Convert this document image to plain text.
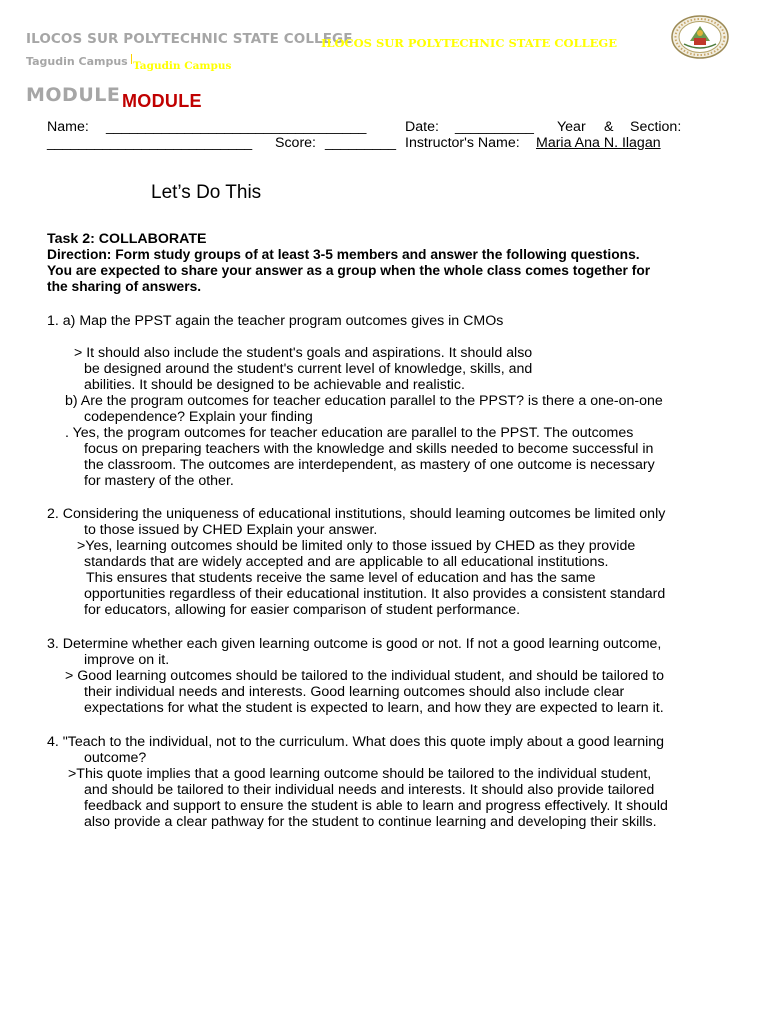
ILOCOS SUR POLYTECHNIC STATE COLLEGE
ILOCOS SUR POLYTECHNIC STATE COLLEGE
Tagudin Campus Tagudin Campus
MODULE MODULE
Name: _________________________________	Date: __________ Year & Section:
__________________________ Score: _________ Instructor's Name: Maria Ana N. Ilagan
Let’s Do This
Task 2: COLLABORATE
Direction: Form study groups of at least 3-5 members and answer the following questions.
You are expected to share your answer as a group when the whole class comes together for
the sharing of answers.
1. a) Map the PPST again the teacher program outcomes gives in CMOs
> It should also include the student's goals and aspirations. It should also
be designed around the student's current level of knowledge, skills, and
abilities. It should be designed to be achievable and realistic.
b) Are the program outcomes for teacher education parallel to the PPST? is there a one-on-one
codependence? Explain your finding
. Yes, the program outcomes for teacher education are parallel to the PPST. The outcomes
focus on preparing teachers with the knowledge and skills needed to become successful in
the classroom. The outcomes are interdependent, as mastery of one outcome is necessary
for mastery of the other.
2. Considering the uniqueness of educational institutions, should leaming outcomes be limited only
to those issued by CHED Explain your answer.
>Yes, learning outcomes should be limited only to those issued by CHED as they provide
standards that are widely accepted and are applicable to all educational institutions.
This ensures that students receive the same level of education and has the same
opportunities regardless of their educational institution. It also provides a consistent standard
for educators, allowing for easier comparison of student performance.
3. Determine whether each given learning outcome is good or not. If not a good learning outcome,
improve on it.
> Good learning outcomes should be tailored to the individual student, and should be tailored to
their individual needs and interests. Good learning outcomes should also include clear
expectations for what the student is expected to learn, and how they are expected to learn it.
4. "Teach to the individual, not to the curriculum. What does this quote imply about a good learning
outcome?
>This quote implies that a good learning outcome should be tailored to the individual student,
and should be tailored to their individual needs and interests. It should also provide tailored
feedback and support to ensure the student is able to learn and progress effectively. It should
also provide a clear pathway for the student to continue learning and developing their skills.
